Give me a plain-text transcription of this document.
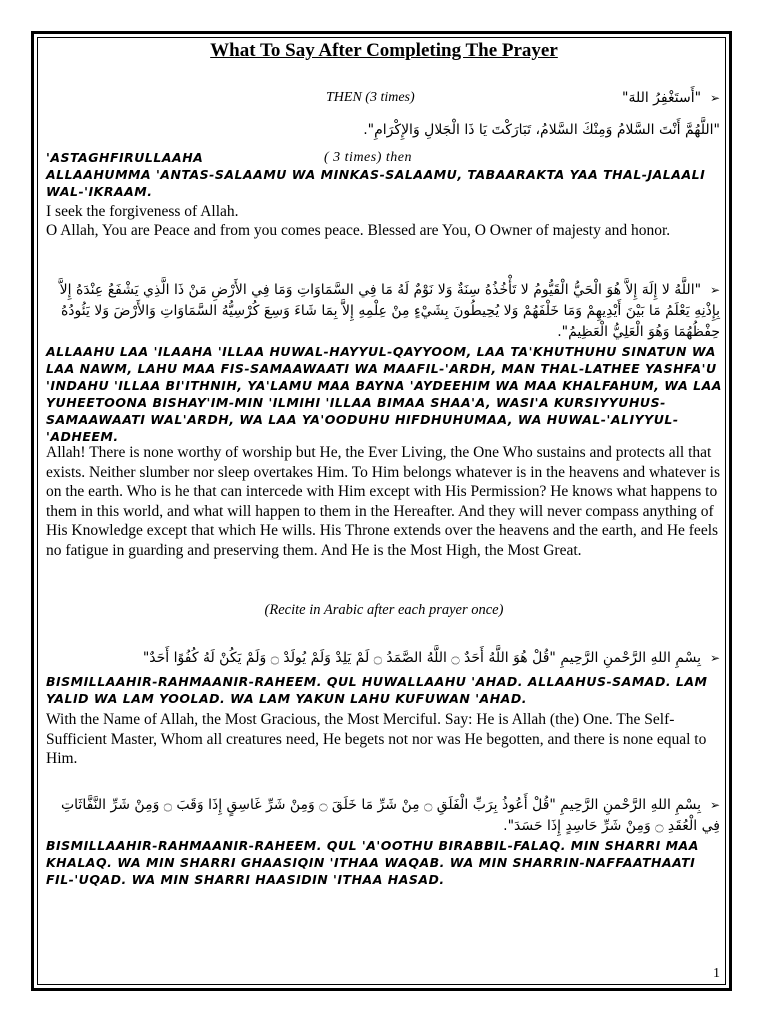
What To Say After Completing The Prayer
➢  "أَستَغْفِرُ اللهَ"
THEN (3 times)
"اللَّهُمَّ أَنْتَ السَّلامُ وَمِنْكَ السَّلامُ، تَبَارَكْتَ يَا ذَا الْجَلالِ وَالإِكْرَامِ".
'ASTAGHFIRULLAAHA	( 3 times) then
ALLAAHUMMA 'ANTAS-SALAAMU WA MINKAS-SALAAMU, TABAARAKTA YAA THAL-JALAALI WAL-'IKRAAM.
I seek the forgiveness of Allah.
O Allah, You are Peace and from you comes peace. Blessed are You, O Owner of majesty and honor.
➢  "اللَّهُ لا إِلَهَ إِلاَّ هُوَ الْحَيُّ الْقَيُّومُ لا تَأْخُذُهُ سِنَةٌ وَلا نَوْمٌ لَهُ مَا فِي السَّمَاوَاتِ وَمَا فِي الأَرْضِ مَنْ ذَا الَّذِي يَشْفَعُ عِنْدَهُ إِلاَّ بِإِذْنِهِ يَعْلَمُ مَا بَيْنَ أَيْدِيهِمْ وَمَا خَلْفَهُمْ وَلا يُحِيطُونَ بِشَيْءٍ مِنْ عِلْمِهِ إِلاَّ بِمَا شَاءَ وَسِعَ كُرْسِيُّهُ السَّمَاوَاتِ وَالأَرْضَ وَلا يَئُودُهُ حِفْظُهُمَا وَهُوَ الْعَلِيُّ الْعَظِيمُ".
ALLAAHU LAA 'ILAAHA 'ILLAA HUWAL-HAYYUL-QAYYOOM, LAA TA'KHUTHUHU SINATUN WA LAA NAWM, LAHU MAA FIS-SAMAAWAATI WA MAAFIL-'ARDH, MAN THAL-LATHEE YASHFA'U 'INDAHU 'ILLAA BI'ITHNIH, YA'LAMU MAA BAYNA 'AYDEEHIM WA MAA KHALFAHUM, WA LAA YUHEETOONA BISHAY'IM-MIN 'ILMIHI 'ILLAA BIMAA SHAA'A, WASI'A KURSIYYUHUS-SAMAAWAATI WAL'ARDH, WA LAA YA'OODUHU HIFDHUHUMAA, WA HUWAL-'ALIYYUL- 'ADHEEM.
Allah! There is none worthy of worship but He, the Ever Living, the One Who sustains and protects all that exists. Neither slumber nor sleep overtakes Him. To Him belongs whatever is in the heavens and whatever is on the earth. Who is he that can intercede with Him except with His Permission? He knows what happens to them in this world, and what will happen to them in the Hereafter. And they will never compass anything of His Knowledge except that which He wills. His Throne extends over the heavens and the earth, and He feels no fatigue in guarding and preserving them. And He is the Most High, the Most Great.
(Recite in Arabic after each prayer once)
➢  بِسْمِ اللهِ الرَّحْمنِ الرَّحِيمِ "قُلْ هُوَ اللَّهُ أَحَدٌ ۝ اللَّهُ الصَّمَدُ ۝ لَمْ يَلِدْ وَلَمْ يُولَدْ ۝ وَلَمْ يَكُنْ لَهُ كُفُوًا أَحَدٌ"
BISMILLAAHIR-RAHMAANIR-RAHEEM. QUL HUWALLAAHU 'AHAD. ALLAAHUS-SAMAD. LAM YALID WA LAM YOOLAD. WA LAM YAKUN LAHU KUFUWAN 'AHAD.
With the Name of Allah, the Most Gracious, the Most Merciful. Say: He is Allah (the) One. The Self-Sufficient Master, Whom all creatures need, He begets not nor was He begotten, and there is none equal to Him.
➢  بِسْمِ اللهِ الرَّحْمنِ الرَّحِيمِ "قُلْ أَعُوذُ بِرَبِّ الْفَلَقِ ۝ مِنْ شَرِّ مَا خَلَقَ ۝ وَمِنْ شَرِّ غَاسِقٍ إِذَا وَقَبَ ۝ وَمِنْ شَرِّ النَّفَّاثَاتِ فِي الْعُقَدِ ۝ وَمِنْ شَرِّ حَاسِدٍ إِذَا حَسَدَ".
BISMILLAAHIR-RAHMAANIR-RAHEEM. QUL 'A'OOTHU BIRABBIL-FALAQ. MIN SHARRI MAA KHALAQ. WA MIN SHARRI GHAASIQIN 'ITHAA WAQAB. WA MIN SHARRIN-NAFFAATHAATI FIL-'UQAD. WA MIN SHARRI HAASIDIN 'ITHAA HASAD.
1
